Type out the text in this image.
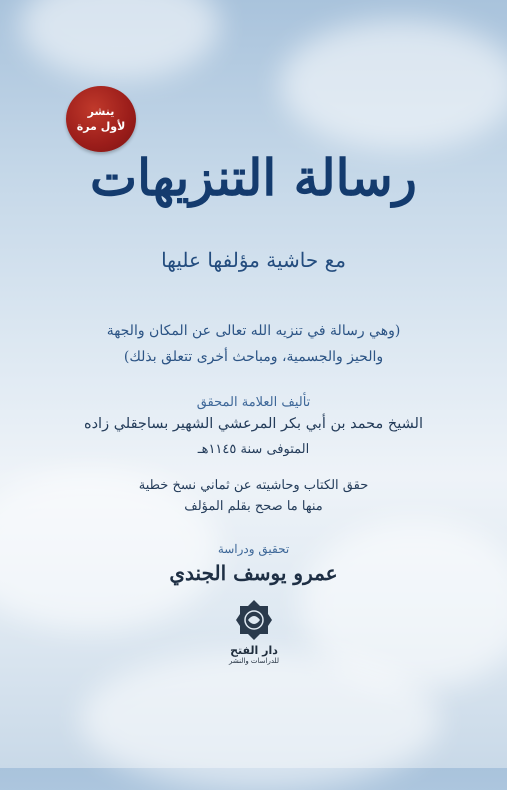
ينشر
لأول مرة
رسالة التنزيهات
مع حاشية مؤلفها عليها
(وهي رسالة في تنزيه الله تعالى عن المكان والجهة
والحيز والجسمية، ومباحث أخرى تتعلق بذلك)
تأليف العلامة المحقق
الشيخ محمد بن أبي بكر المرعشي الشهير بساجقلي زاده
المتوفى سنة ١١٤٥هـ
حقق الكتاب وحاشيته عن ثماني نسخ خطية
منها ما صحح بقلم المؤلف
تحقيق ودراسة
عمرو يوسف الجندي
دار الفتح
للدراسات والنشر
